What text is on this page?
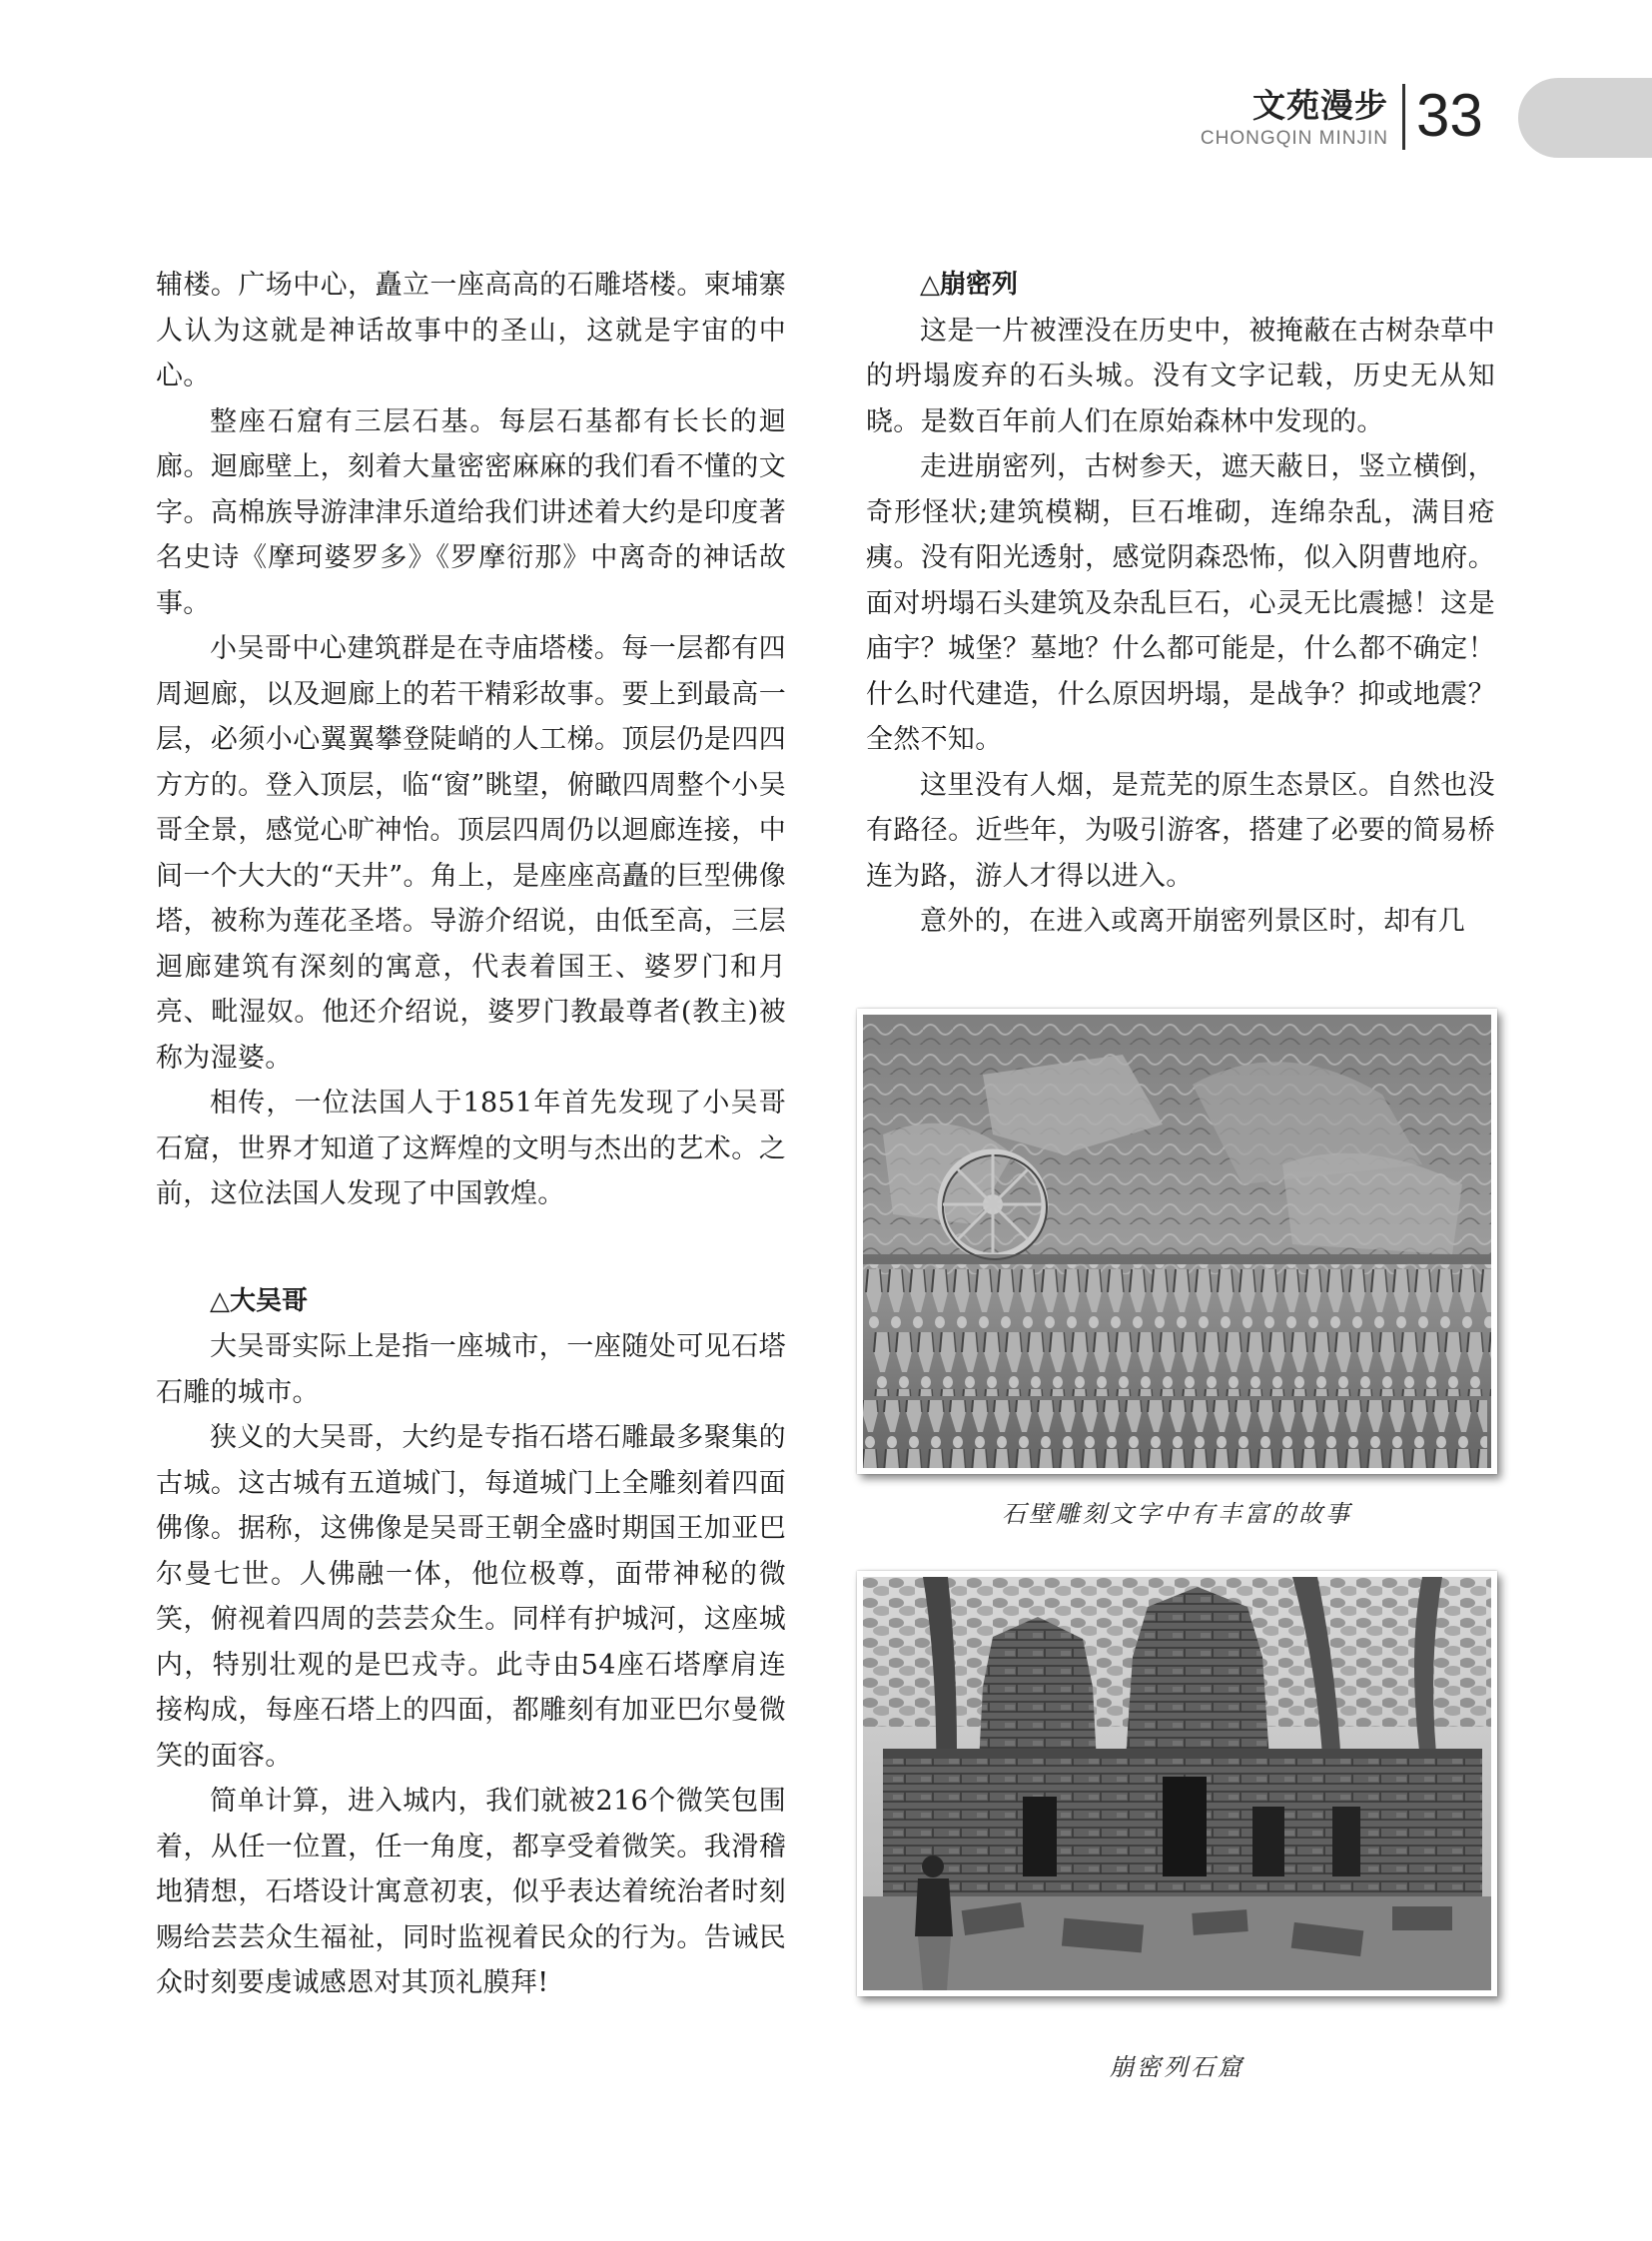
文苑漫步
CHONGQIN MINJIN 33

辅楼。广场中心，矗立一座高高的石雕塔楼。柬埔寨人认为这就是神话故事中的圣山，这就是宇宙的中心。

整座石窟有三层石基。每层石基都有长长的迴廊。迴廊壁上，刻着大量密密麻麻的我们看不懂的文字。高棉族导游津津乐道给我们讲述着大约是印度著名史诗《摩珂婆罗多》《罗摩衍那》中离奇的神话故事。

小吴哥中心建筑群是在寺庙塔楼。每一层都有四周迴廊，以及迴廊上的若干精彩故事。要上到最高一层，必须小心翼翼攀登陡峭的人工梯。顶层仍是四四方方的。登入顶层，临“窗”眺望，俯瞰四周整个小吴哥全景，感觉心旷神怡。顶层四周仍以迴廊连接，中间一个大大的“天井”。角上，是座座高矗的巨型佛像塔，被称为莲花圣塔。导游介绍说，由低至高，三层迴廊建筑有深刻的寓意，代表着国王、婆罗门和月亮、毗湿奴。他还介绍说，婆罗门教最尊者(教主)被称为湿婆。

相传，一位法国人于1851年首先发现了小吴哥石窟，世界才知道了这辉煌的文明与杰出的艺术。之前，这位法国人发现了中国敦煌。

△大吴哥

大吴哥实际上是指一座城市，一座随处可见石塔石雕的城市。

狭义的大吴哥，大约是专指石塔石雕最多聚集的古城。这古城有五道城门，每道城门上全雕刻着四面佛像。据称，这佛像是吴哥王朝全盛时期国王加亚巴尔曼七世。人佛融一体，他位极尊，面带神秘的微笑，俯视着四周的芸芸众生。同样有护城河，这座城内，特别壮观的是巴戎寺。此寺由54座石塔摩肩连接构成，每座石塔上的四面，都雕刻有加亚巴尔曼微笑的面容。

简单计算，进入城内，我们就被216个微笑包围着，从任一位置，任一角度，都享受着微笑。我滑稽地猜想，石塔设计寓意初衷，似乎表达着统治者时刻赐给芸芸众生福祉，同时监视着民众的行为。告诫民众时刻要虔诚感恩对其顶礼膜拜!

△崩密列

这是一片被湮没在历史中，被掩蔽在古树杂草中的坍塌废弃的石头城。没有文字记载，历史无从知晓。是数百年前人们在原始森林中发现的。

走进崩密列，古树参天，遮天蔽日，竖立横倒，奇形怪状;建筑模糊，巨石堆砌，连绵杂乱，满目疮痍。没有阳光透射，感觉阴森恐怖，似入阴曹地府。面对坍塌石头建筑及杂乱巨石，心灵无比震撼！这是庙宇？城堡？墓地？什么都可能是，什么都不确定！什么时代建造，什么原因坍塌，是战争？抑或地震？全然不知。

这里没有人烟，是荒芜的原生态景区。自然也没有路径。近些年，为吸引游客，搭建了必要的简易桥连为路，游人才得以进入。

意外的，在进入或离开崩密列景区时，却有几

石壁雕刻文字中有丰富的故事
崩密列石窟
